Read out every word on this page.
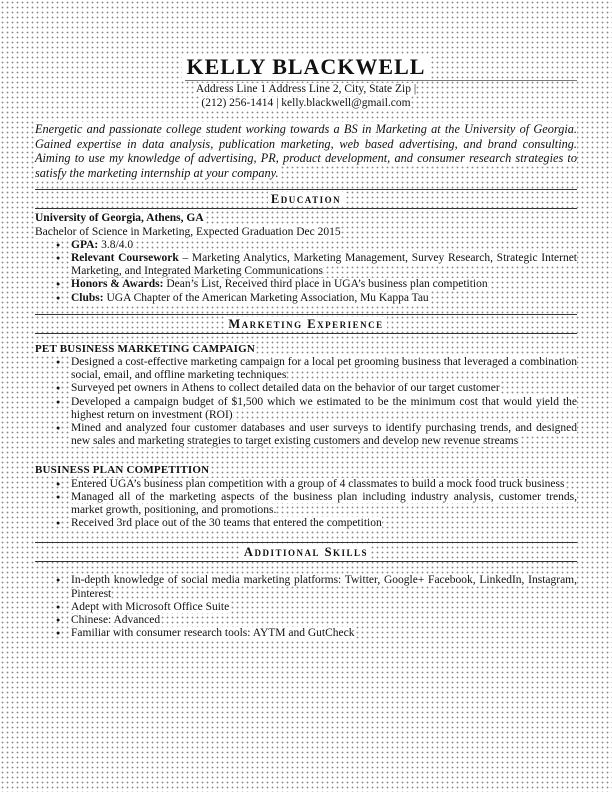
KELLY BLACKWELL
Address Line 1 Address Line 2, City, State Zip |
(212) 256-1414 | kelly.blackwell@gmail.com
Energetic and passionate college student working towards a BS in Marketing at the University of Georgia. Gained expertise in data analysis, publication marketing, web based advertising, and brand consulting. Aiming to use my knowledge of advertising, PR, product development, and consumer research strategies to satisfy the marketing internship at your company.
Education
University of Georgia, Athens, GA
Bachelor of Science in Marketing, Expected Graduation Dec 2015
● GPA: 3.8/4.0
● Relevant Coursework – Marketing Analytics, Marketing Management, Survey Research, Strategic Internet Marketing, and Integrated Marketing Communications
● Honors & Awards: Dean’s List, Received third place in UGA’s business plan competition
● Clubs: UGA Chapter of the American Marketing Association, Mu Kappa Tau
Marketing Experience
PET BUSINESS MARKETING CAMPAIGN
● Designed a cost-effective marketing campaign for a local pet grooming business that leveraged a combination social, email, and offline marketing techniques
● Surveyed pet owners in Athens to collect detailed data on the behavior of our target customer
● Developed a campaign budget of $1,500 which we estimated to be the minimum cost that would yield the highest return on investment (ROI)
● Mined and analyzed four customer databases and user surveys to identify purchasing trends, and designed new sales and marketing strategies to target existing customers and develop new revenue streams
BUSINESS PLAN COMPETITION
● Entered UGA’s business plan competition with a group of 4 classmates to build a mock food truck business
● Managed all of the marketing aspects of the business plan including industry analysis, customer trends, market growth, positioning, and promotions.
● Received 3rd place out of the 30 teams that entered the competition
Additional Skills
● In-depth knowledge of social media marketing platforms: Twitter, Google+ Facebook, LinkedIn, Instagram, Pinterest
● Adept with Microsoft Office Suite
● Chinese: Advanced
● Familiar with consumer research tools: AYTM and GutCheck
